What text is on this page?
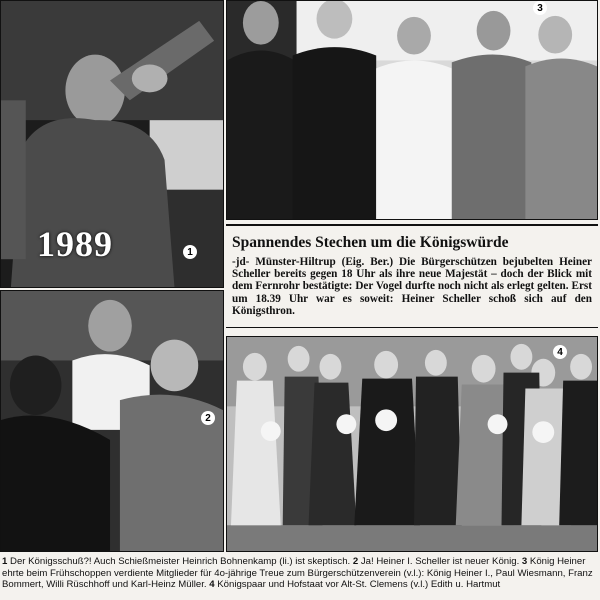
1989	1
3
Spannendes Stechen um die Königswürde

-jd- Münster-Hiltrup (Eig. Ber.) Die Bürgerschützen bejubelten Heiner Scheller bereits gegen 18 Uhr als ihre neue Majestät – doch der Blick mit dem Fernrohr bestätigte: Der Vogel durfte noch nicht als erlegt gelten. Erst um 18.39 Uhr war es soweit: Heiner Scheller schoß sich auf den Königsthron.

2
4
1 Der Königsschuß?! Auch Schießmeister Heinrich Bohnenkamp (li.) ist skeptisch. 2 Ja! Heiner I. Scheller ist neuer König. 3 König Heiner ehrte beim Frühschoppen verdiente Mitglieder für 4o-jährige Treue zum Bürgerschützenverein (v.l.): König Heiner I., Paul Wiesmann, Franz Bommert, Willi Rüschhoff und Karl-Heinz Müller. 4 Königspaar und Hofstaat vor Alt-St. Clemens (v.l.) Edith u. Hartmut
